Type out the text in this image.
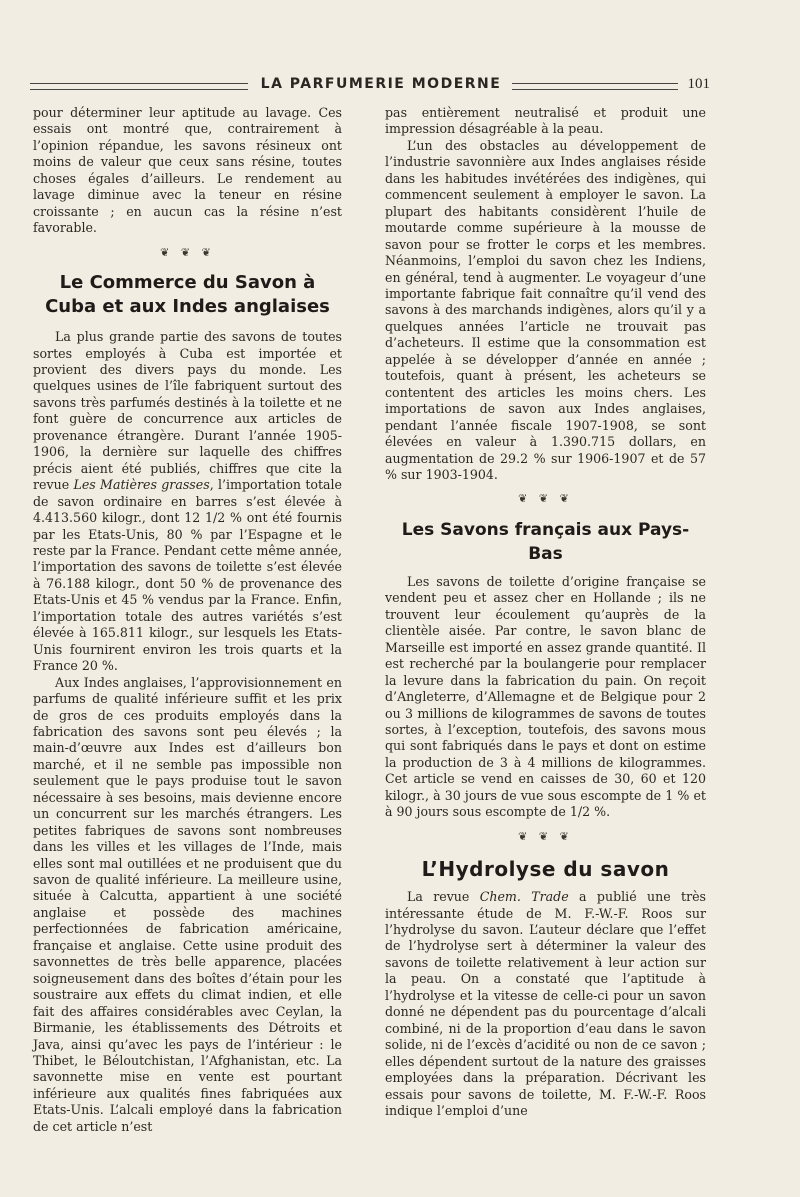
LA PARFUMERIE MODERNE	101

pour déterminer leur aptitude au lavage. Ces essais ont montré que, contrairement à l’opinion répandue, les savons résineux ont moins de valeur que ceux sans résine, toutes choses égales d’ailleurs. Le rendement au lavage diminue avec la teneur en résine croissante ; en aucun cas la résine n’est favorable.

❦ ❦ ❦
Le Commerce du Savon à Cuba et aux Indes anglaises

La plus grande partie des savons de toutes sortes employés à Cuba est importée et provient des divers pays du monde. Les quelques usines de l’île fabriquent surtout des savons très parfumés destinés à la toilette et ne font guère de concurrence aux articles de provenance étrangère. Durant l’année 1905-1906, la dernière sur laquelle des chiffres précis aient été publiés, chiffres que cite la revue Les Matières grasses, l’importation totale de savon ordinaire en barres s’est élevée à 4.413.560 kilogr., dont 12 1/2 % ont été fournis par les Etats-Unis, 80 % par l’Espagne et le reste par la France. Pendant cette même année, l’importation des savons de toilette s’est élevée à 76.188 kilogr., dont 50 % de provenance des Etats-Unis et 45 % vendus par la France. Enfin, l’importation totale des autres variétés s’est élevée à 165.811 kilogr., sur lesquels les Etats-Unis fournirent environ les trois quarts et la France 20 %.

Aux Indes anglaises, l’approvisionnement en parfums de qualité inférieure suffit et les prix de gros de ces produits employés dans la fabrication des savons sont peu élevés ; la main-d’œuvre aux Indes est d’ailleurs bon marché, et il ne semble pas impossible non seulement que le pays produise tout le savon nécessaire à ses besoins, mais devienne encore un concurrent sur les marchés étrangers. Les petites fabriques de savons sont nombreuses dans les villes et les villages de l’Inde, mais elles sont mal outillées et ne produisent que du savon de qualité inférieure. La meilleure usine, située à Calcutta, appartient à une société anglaise et possède des machines perfectionnées de fabrication américaine, française et anglaise. Cette usine produit des savonnettes de très belle apparence, placées soigneusement dans des boîtes d’étain pour les soustraire aux effets du climat indien, et elle fait des affaires considérables avec Ceylan, la Birmanie, les établissements des Détroits et Java, ainsi qu’avec les pays de l’intérieur : le Thibet, le Béloutchistan, l’Afghanistan, etc. La savonnette mise en vente est pourtant inférieure aux qualités fines fabriquées aux Etats-Unis. L’alcali employé dans la fabrication de cet article n’est

pas entièrement neutralisé et produit une impression désagréable à la peau.

L’un des obstacles au développement de l’industrie savonnière aux Indes anglaises réside dans les habitudes invétérées des indigènes, qui commencent seulement à employer le savon. La plupart des habitants considèrent l’huile de moutarde comme supérieure à la mousse de savon pour se frotter le corps et les membres. Néanmoins, l’emploi du savon chez les Indiens, en général, tend à augmenter. Le voyageur d’une importante fabrique fait connaître qu’il vend des savons à des marchands indigènes, alors qu’il y a quelques années l’article ne trouvait pas d’acheteurs. Il estime que la consommation est appelée à se développer d’année en année ; toutefois, quant à présent, les acheteurs se contentent des articles les moins chers. Les importations de savon aux Indes anglaises, pendant l’année fiscale 1907-1908, se sont élevées en valeur à 1.390.715 dollars, en augmentation de 29.2 % sur 1906-1907 et de 57 % sur 1903-1904.

❦ ❦ ❦
Les Savons français aux Pays-Bas

Les savons de toilette d’origine française se vendent peu et assez cher en Hollande ; ils ne trouvent leur écoulement qu’auprès de la clientèle aisée. Par contre, le savon blanc de Marseille est importé en assez grande quantité. Il est recherché par la boulangerie pour remplacer la levure dans la fabrication du pain. On reçoit d’Angleterre, d’Allemagne et de Belgique pour 2 ou 3 millions de kilogrammes de savons de toutes sortes, à l’exception, toutefois, des savons mous qui sont fabriqués dans le pays et dont on estime la production de 3 à 4 millions de kilogrammes. Cet article se vend en caisses de 30, 60 et 120 kilogr., à 30 jours de vue sous escompte de 1 % et à 90 jours sous escompte de 1/2 %.

❦ ❦ ❦
L’Hydrolyse du savon

La revue Chem. Trade a publié une très intéressante étude de M. F.-W.-F. Roos sur l’hydrolyse du savon. L’auteur déclare que l’effet de l’hydrolyse sert à déterminer la valeur des savons de toilette relativement à leur action sur la peau. On a constaté que l’aptitude à l’hydrolyse et la vitesse de celle-ci pour un savon donné ne dépendent pas du pourcentage d’alcali combiné, ni de la proportion d’eau dans le savon solide, ni de l’excès d’acidité ou non de ce savon ; elles dépendent surtout de la nature des graisses employées dans la préparation. Décrivant les essais pour savons de toilette, M. F.-W.-F. Roos indique l’emploi d’une
